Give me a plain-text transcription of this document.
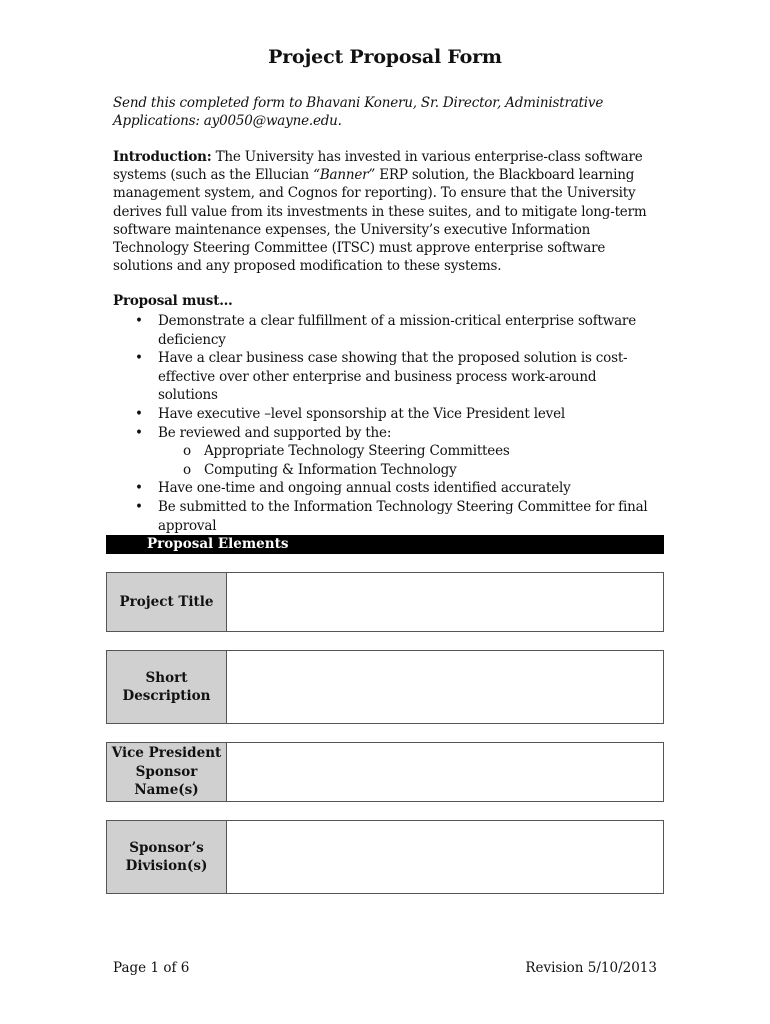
Project Proposal Form
Send this completed form to Bhavani Koneru, Sr. Director, Administrative Applications: ay0050@wayne.edu.
Introduction: The University has invested in various enterprise-class software systems (such as the Ellucian “Banner” ERP solution, the Blackboard learning management system, and Cognos for reporting). To ensure that the University derives full value from its investments in these suites, and to mitigate long-term software maintenance expenses, the University’s executive Information Technology Steering Committee (ITSC) must approve enterprise software solutions and any proposed modification to these systems.
Proposal must…
• Demonstrate a clear fulfillment of a mission-critical enterprise software deficiency
• Have a clear business case showing that the proposed solution is cost-effective over other enterprise and business process work-around solutions
• Have executive –level sponsorship at the Vice President level
• Be reviewed and supported by the:
o Appropriate Technology Steering Committees
o Computing & Information Technology
• Have one-time and ongoing annual costs identified accurately
• Be submitted to the Information Technology Steering Committee for final approval
Proposal Elements
Project Title
Short Description
Vice President Sponsor Name(s)
Sponsor’s Division(s)
Page 1 of 6	Revision 5/10/2013
